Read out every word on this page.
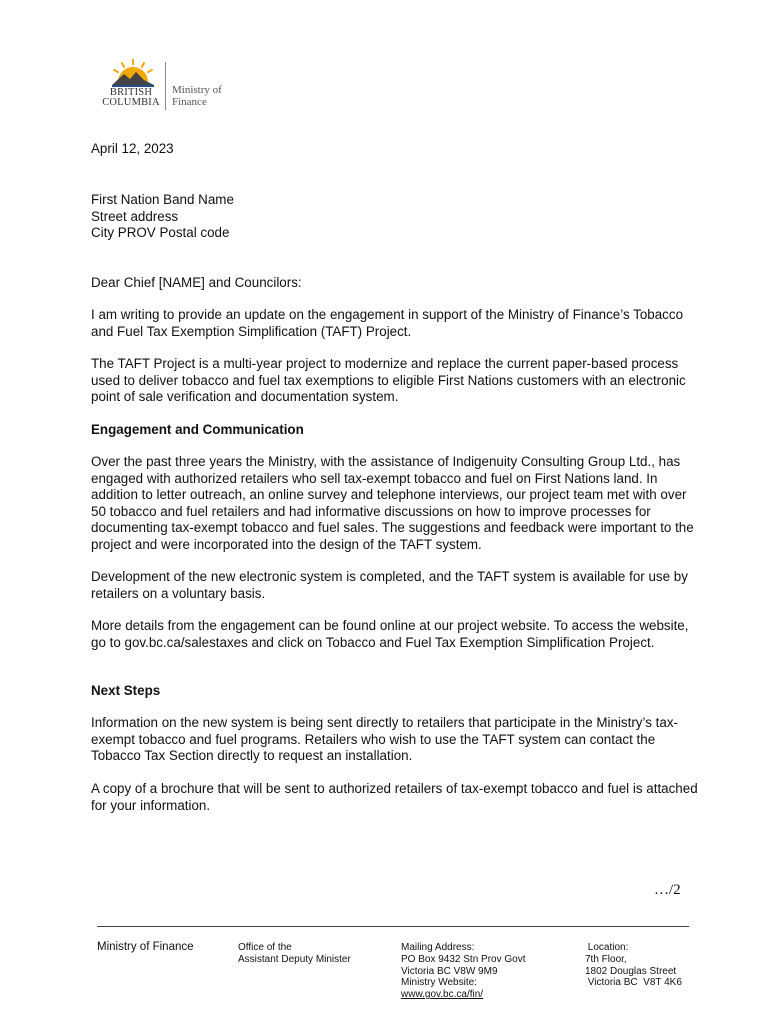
BRITISH
COLUMBIA
Ministry of
Finance

April 12, 2023

First Nation Band Name
Street address
City PROV Postal code

Dear Chief [NAME] and Councilors:

I am writing to provide an update on the engagement in support of the Ministry of Finance’s Tobacco and Fuel Tax Exemption Simplification (TAFT) Project.

The TAFT Project is a multi-year project to modernize and replace the current paper-based process used to deliver tobacco and fuel tax exemptions to eligible First Nations customers with an electronic point of sale verification and documentation system.

Engagement and Communication

Over the past three years the Ministry, with the assistance of Indigenuity Consulting Group Ltd., has engaged with authorized retailers who sell tax-exempt tobacco and fuel on First Nations land. In addition to letter outreach, an online survey and telephone interviews, our project team met with over 50 tobacco and fuel retailers and had informative discussions on how to improve processes for documenting tax-exempt tobacco and fuel sales. The suggestions and feedback were important to the project and were incorporated into the design of the TAFT system.

Development of the new electronic system is completed, and the TAFT system is available for use by retailers on a voluntary basis.

More details from the engagement can be found online at our project website. To access the website, go to gov.bc.ca/salestaxes and click on Tobacco and Fuel Tax Exemption Simplification Project.

Next Steps

Information on the new system is being sent directly to retailers that participate in the Ministry’s tax-exempt tobacco and fuel programs. Retailers who wish to use the TAFT system can contact the Tobacco Tax Section directly to request an installation.

A copy of a brochure that will be sent to authorized retailers of tax-exempt tobacco and fuel is attached for your information.

…/2
Ministry of Finance	Office of the
Assistant Deputy Minister
Mailing Address:
PO Box 9432 Stn Prov Govt
Victoria BC V8W 9M9
Ministry Website:
www.gov.bc.ca/fin/
Location:
7th Floor,
1802 Douglas Street
Victoria BC  V8T 4K6
